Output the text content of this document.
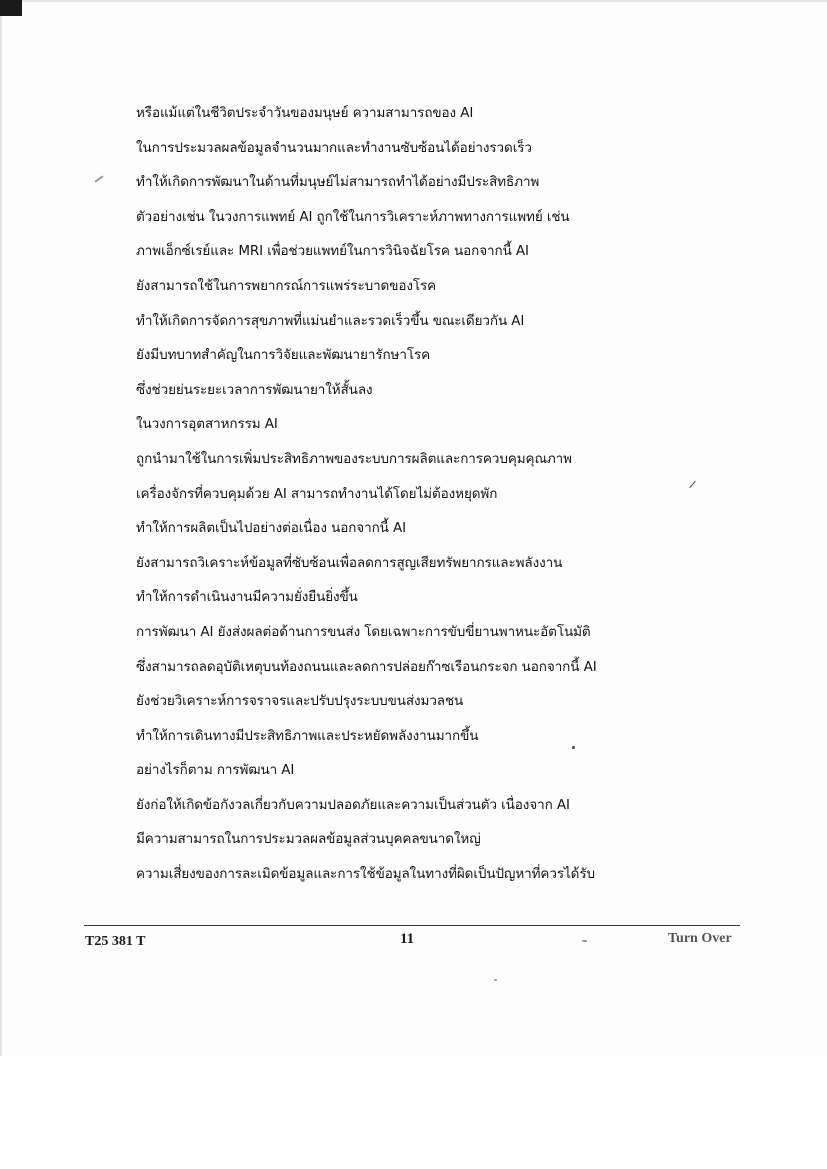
หรือแม้แต่ในชีวิตประจำวันของมนุษย์ ความสามารถของ AI
ในการประมวลผลข้อมูลจำนวนมากและทำงานซับซ้อนได้อย่างรวดเร็ว
ทำให้เกิดการพัฒนาในด้านที่มนุษย์ไม่สามารถทำได้อย่างมีประสิทธิภาพ
ตัวอย่างเช่น ในวงการแพทย์ AI ถูกใช้ในการวิเคราะห์ภาพทางการแพทย์ เช่น
ภาพเอ็กซ์เรย์และ MRI เพื่อช่วยแพทย์ในการวินิจฉัยโรค นอกจากนี้ AI
ยังสามารถใช้ในการพยากรณ์การแพร่ระบาดของโรค
ทำให้เกิดการจัดการสุขภาพที่แม่นยำและรวดเร็วขึ้น ขณะเดียวกัน AI
ยังมีบทบาทสำคัญในการวิจัยและพัฒนายารักษาโรค
ซึ่งช่วยย่นระยะเวลาการพัฒนายาให้สั้นลง
ในวงการอุตสาหกรรม AI
ถูกนำมาใช้ในการเพิ่มประสิทธิภาพของระบบการผลิตและการควบคุมคุณภาพ
เครื่องจักรที่ควบคุมด้วย AI สามารถทำงานได้โดยไม่ต้องหยุดพัก
ทำให้การผลิตเป็นไปอย่างต่อเนื่อง นอกจากนี้ AI
ยังสามารถวิเคราะห์ข้อมูลที่ซับซ้อนเพื่อลดการสูญเสียทรัพยากรและพลังงาน
ทำให้การดำเนินงานมีความยั่งยืนยิ่งขึ้น
การพัฒนา AI ยังส่งผลต่อด้านการขนส่ง โดยเฉพาะการขับขี่ยานพาหนะอัตโนมัติ
ซึ่งสามารถลดอุบัติเหตุบนท้องถนนและลดการปล่อยก๊าซเรือนกระจก นอกจากนี้ AI
ยังช่วยวิเคราะห์การจราจรและปรับปรุงระบบขนส่งมวลชน
ทำให้การเดินทางมีประสิทธิภาพและประหยัดพลังงานมากขึ้น
อย่างไรก็ตาม การพัฒนา AI
ยังก่อให้เกิดข้อกังวลเกี่ยวกับความปลอดภัยและความเป็นส่วนตัว เนื่องจาก AI
มีความสามารถในการประมวลผลข้อมูลส่วนบุคคลขนาดใหญ่
ความเสี่ยงของการละเมิดข้อมูลและการใช้ข้อมูลในทางที่ผิดเป็นปัญหาที่ควรได้รับ
T25 381 T	11	Turn Over
